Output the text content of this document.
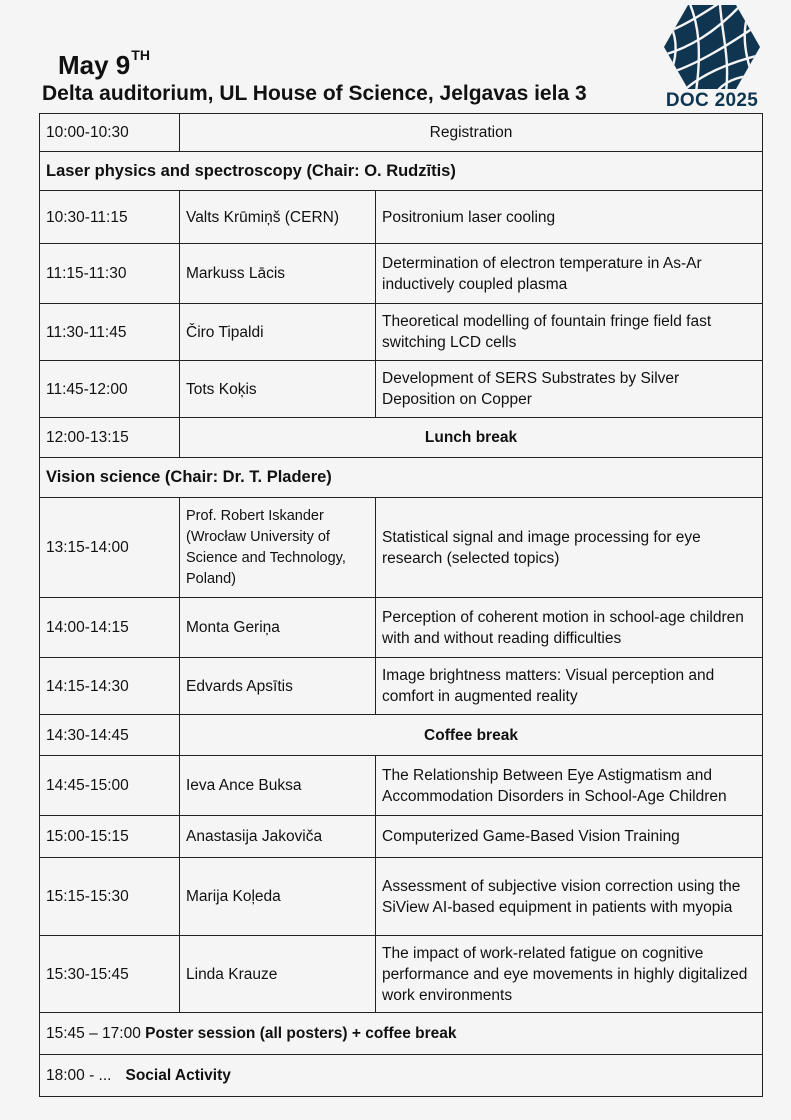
May 9TH
Delta auditorium, UL House of Science, Jelgavas iela 3	DOC 2025
10:00-10:30	Registration	
Laser physics and spectroscopy (Chair: O. Rudzītis)		
10:30-11:15	Valts Krūmiņš (CERN)	Positronium laser cooling
11:15-11:30	Markuss Lācis	Determination of electron temperature in As-Ar inductively coupled plasma
11:30-11:45	Čiro Tipaldi	Theoretical modelling of fountain fringe field fast switching LCD cells
11:45-12:00	Tots Koķis	Development of SERS Substrates by Silver Deposition on Copper
12:00-13:15	Lunch break	
Vision science (Chair: Dr. T. Pladere)		
13:15-14:00	Prof. Robert Iskander (Wrocław University of Science and Technology, Poland)	Statistical signal and image processing for eye research (selected topics)
14:00-14:15	Monta Geriņa	Perception of coherent motion in school-age children with and without reading difficulties
14:15-14:30	Edvards Apsītis	Image brightness matters: Visual perception and comfort in augmented reality
14:30-14:45	Coffee break	
14:45-15:00	Ieva Ance Buksa	The Relationship Between Eye Astigmatism and Accommodation Disorders in School-Age Children
15:00-15:15	Anastasija Jakoviča	Computerized Game-Based Vision Training
15:15-15:30	Marija Koļeda	Assessment of subjective vision correction using the SiView AI-based equipment in patients with myopia
15:30-15:45	Linda Krauze	The impact of work-related fatigue on cognitive performance and eye movements in highly digitalized work environments
15:45 – 17:00 Poster session (all posters) + coffee break		
18:00 - ... Social Activity		
